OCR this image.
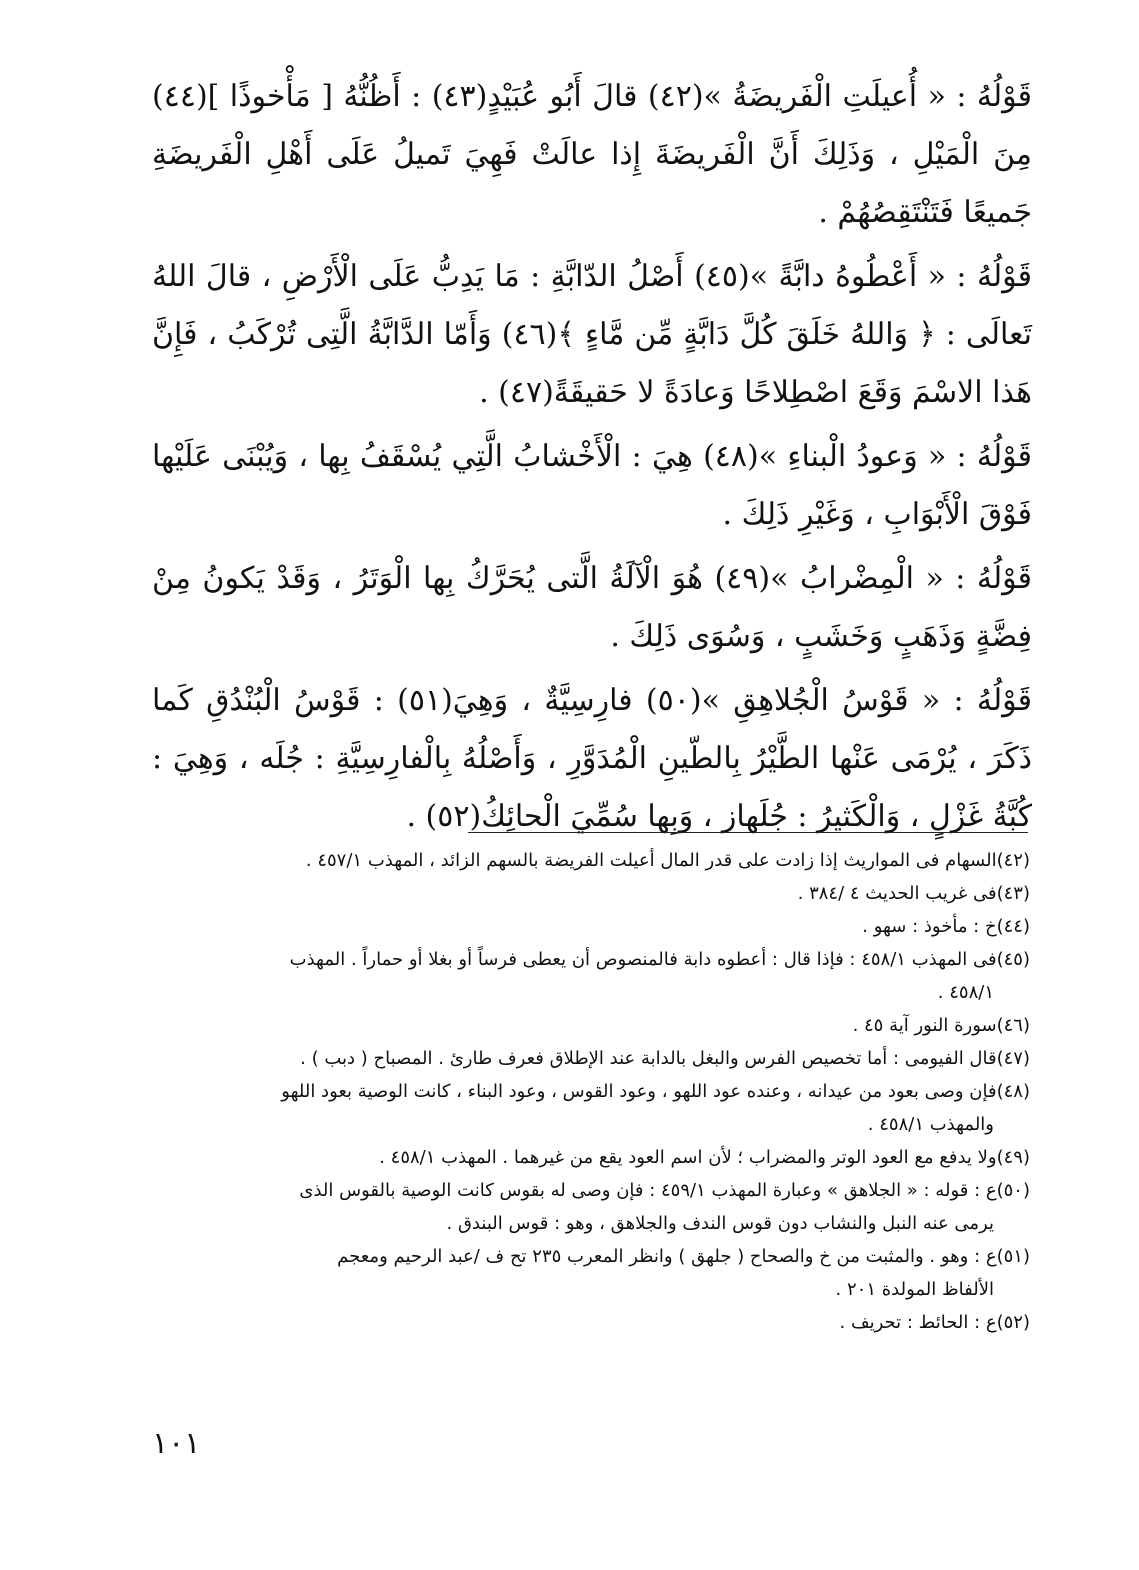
قَوْلُهُ : « أُعيلَتِ الْفَريضَةُ »(٤٢) قالَ أَبُو عُبَيْدٍ(٤٣) : أَظُنُّهُ [ مَأْخوذًا ](٤٤) مِنَ الْمَيْلِ ، وَذَلِكَ أَنَّ الْفَريضَةَ إِذا عالَتْ فَهِيَ تَميلُ عَلَى أَهْلِ الْفَريضَةِ جَميعًا فَتَنْتَقِصُهُمْ .

قَوْلُهُ : « أَعْطُوهُ دابَّةً »(٤٥) أَصْلُ الدّابَّةِ : مَا يَدِبُّ عَلَى الْأَرْضِ ، قالَ اللهُ تَعالَى : ﴿ وَاللهُ خَلَقَ كُلَّ دَابَّةٍ مِّن مَّاءٍ ﴾(٤٦) وَأَمّا الدَّابَّةُ الَّتِى تُرْكَبُ ، فَإِنَّ هَذا الاسْمَ وَقَعَ اصْطِلاحًا وَعادَةً لا حَقيقَةً(٤٧) .

قَوْلُهُ : « وَعودُ الْبناءِ »(٤٨) هِيَ : الْأَخْشابُ الَّتِي يُسْقَفُ بِها ، وَيُبْنَى عَلَيْها فَوْقَ الْأَبْوَابِ ، وَغَيْرِ ذَلِكَ .

قَوْلُهُ : « الْمِضْرابُ »(٤٩) هُوَ الْآلَةُ الَّتى يُحَرَّكُ بِها الْوَتَرُ ، وَقَدْ يَكونُ مِنْ فِضَّةٍ وَذَهَبٍ وَخَشَبٍ ، وَسُوَى ذَلِكَ .

قَوْلُهُ : « قَوْسُ الْجُلاهِقِ »(٥٠) فارِسِيَّةٌ ، وَهِيَ(٥١) : قَوْسُ الْبُنْدُقِ كَما ذَكَرَ ، يُرْمَى عَنْها الطَّيْرُ بِالطّينِ الْمُدَوَّرِ ، وَأَصْلُهُ بِالْفارِسِيَّةِ : جُلَه ، وَهِيَ : كُبَّةُ غَزْلٍ ، وَالْكَثيرُ : جُلَهاز ، وَبِها سُمِّيَ الْحائِكُ(٥٢) .

(٤٢)السهام فى المواريث إذا زادت على قدر المال أعيلت الفريضة بالسهم الزائد ، المهذب ٤٥٧/١ .

(٤٣)فى غريب الحديث ٤ /٣٨٤ .

(٤٤)خ : مأخوذ : سهو .

(٤٥)فى المهذب ٤٥٨/١ : فإذا قال : أعطوه دابة فالمنصوص أن يعطى فرساً أو بغلا أو حماراً . المهذب

٤٥٨/١ .

(٤٦)سورة النور آية ٤٥ .

(٤٧)قال الفيومى : أما تخصيص الفرس والبغل بالدابة عند الإطلاق فعرف طارئ . المصباح ( دبب ) .

(٤٨)فإن وصى بعود من عيدانه ، وعنده عود اللهو ، وعود القوس ، وعود البناء ، كانت الوصية بعود اللهو

والمهذب ٤٥٨/١ .

(٤٩)ولا يدفع مع العود الوتر والمضراب ؛ لأن اسم العود يقع من غيرهما . المهذب ٤٥٨/١ .

(٥٠)ع : قوله : « الجلاهق » وعبارة المهذب ٤٥٩/١ : فإن وصى له بقوس كانت الوصية بالقوس الذى

يرمى عنه النبل والنشاب دون قوس الندف والجلاهق ، وهو : قوس البندق .

(٥١)ع : وهو . والمثبت من خ والصحاح ( جلهق ) وانظر المعرب ٢٣٥ تح ف /عبد الرحيم ومعجم

الألفاظ المولدة ٢٠١ .

(٥٢)ع : الحائط : تحريف .

١٠١
